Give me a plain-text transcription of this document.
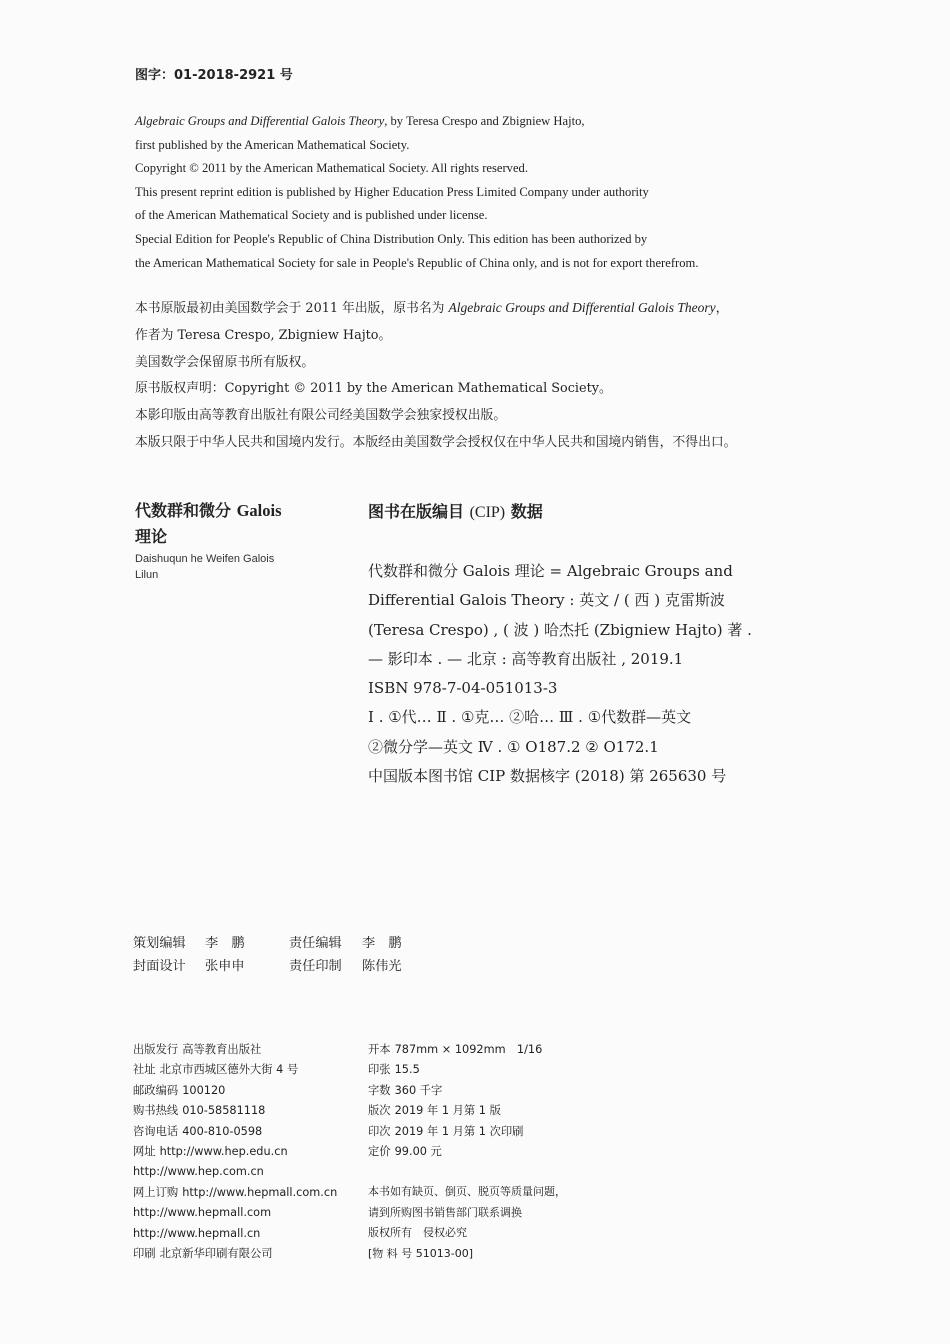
图字：01-2018-2921 号

Algebraic Groups and Differential Galois Theory, by Teresa Crespo and Zbigniew Hajto,

first published by the American Mathematical Society.

Copyright © 2011 by the American Mathematical Society. All rights reserved.

This present reprint edition is published by Higher Education Press Limited Company under authority

of the American Mathematical Society and is published under license.

Special Edition for People's Republic of China Distribution Only. This edition has been authorized by

the American Mathematical Society for sale in People's Republic of China only, and is not for export therefrom.

本书原版最初由美国数学会于 2011 年出版，原书名为 Algebraic Groups and Differential Galois Theory，

作者为 Teresa Crespo, Zbigniew Hajto。

美国数学会保留原书所有版权。

原书版权声明：Copyright © 2011 by the American Mathematical Society。

本影印版由高等教育出版社有限公司经美国数学会独家授权出版。

本版只限于中华人民共和国境内发行。本版经由美国数学会授权仅在中华人民共和国境内销售，不得出口。

代数群和微分 Galois
理论
Daishuqun he Weifen Galois
Lilun
图书在版编目 (CIP) 数据

代数群和微分 Galois 理论 = Algebraic Groups and

Differential Galois Theory : 英文 / ( 西 ) 克雷斯波

(Teresa Crespo) , ( 波 ) 哈杰托 (Zbigniew Hajto) 著 .

— 影印本 . — 北京 : 高等教育出版社 , 2019.1

ISBN 978-7-04-051013-3

Ⅰ . ①代… Ⅱ . ①克… ②哈… Ⅲ . ①代数群—英文

②微分学—英文 Ⅳ . ① O187.2 ② O172.1

中国版本图书馆 CIP 数据核字 (2018) 第 265630 号

策划编辑	李　鹏	责任编辑	李　鹏
封面设计	张申申	责任印制	陈伟光
出版发行 高等教育出版社
社址 北京市西城区德外大街 4 号
邮政编码 100120
购书热线 010-58581118
咨询电话 400-810-0598
网址 http://www.hep.edu.cn
http://www.hep.com.cn
网上订购 http://www.hepmall.com.cn
http://www.hepmall.com
http://www.hepmall.cn
印刷 北京新华印刷有限公司
开本 787mm × 1092mm　1/16
印张 15.5
字数 360 千字
版次 2019 年 1 月第 1 版
印次 2019 年 1 月第 1 次印刷
定价 99.00 元
本书如有缺页、倒页、脱页等质量问题，
请到所购图书销售部门联系调换
版权所有　侵权必究
[物 料 号 51013-00]
